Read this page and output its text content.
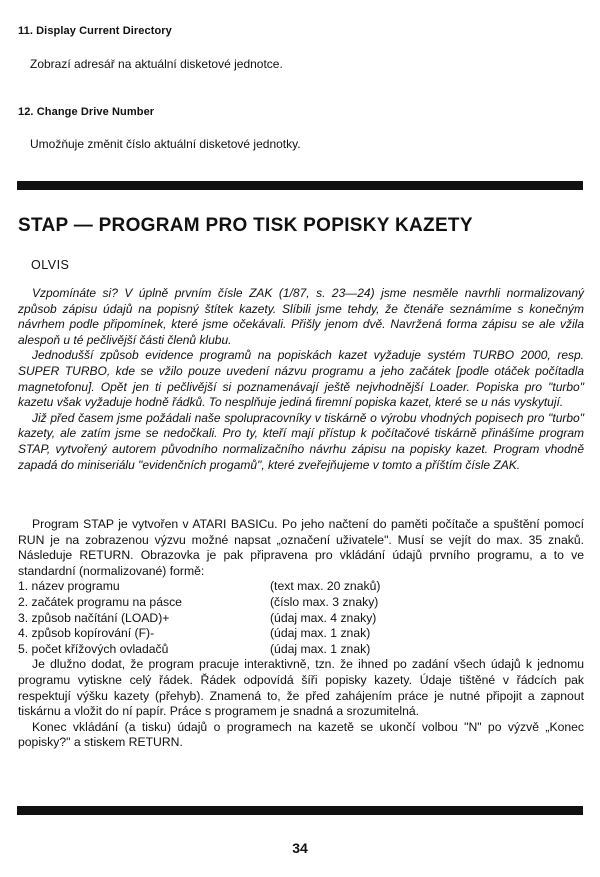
11. Display Current Directory
Zobrazí adresář na aktuální disketové jednotce.
12. Change Drive Number
Umožňuje změnit číslo aktuální disketové jednotky.
STAP — PROGRAM PRO TISK POPISKY KAZETY
OLVIS

Vzpomínáte si? V úplně prvním čísle ZAK (1/87, s. 23—24) jsme nesměle navrhli normalizovaný způsob zápisu údajů na popisný štítek kazety. Slíbili jsme tehdy, že čtenáře seznámíme s konečným návrhem podle připomínek, které jsme očekávali. Přišly jenom dvě. Navržená forma zápisu se ale vžila alespoň u té pečlivější části členů klubu.

Jednodušší způsob evidence programů na popiskách kazet vyžaduje systém TURBO 2000, resp. SUPER TURBO, kde se vžilo pouze uvedení názvu programu a jeho začátek [podle otáček počítadla magnetofonu]. Opět jen ti pečlivější si poznamenávají ještě nejvhodnější Loader. Popiska pro "turbo" kazetu však vyžaduje hodně řádků. To nesplňuje jediná firemní popiska kazet, které se u nás vyskytují.

Již před časem jsme požádali naše spolupracovníky v tiskárně o výrobu vhodných popisech pro "turbo" kazety, ale zatím jsme se nedočkali. Pro ty, kteří mají přístup k počítačové tiskárně přinášíme program STAP, vytvořený autorem původního normalizačního návrhu zápisu na popisky kazet. Program vhodně zapadá do miniseriálu "evidenčních progamů", které zveřejňujeme v tomto a příštím čísle ZAK.

Program STAP je vytvořen v ATARI BASICu. Po jeho načtení do paměti počítače a spuštění pomocí RUN je na zobrazenou výzvu možné napsat „označení uživatele". Musí se vejít do max. 35 znaků. Následuje RETURN. Obrazovka je pak připravena pro vkládání údajů prvního programu, a to ve standardní (normalizované) formě:

1. název programu	(text max. 20 znaků)
2. začátek programu na pásce	(číslo max. 3 znaky)
3. způsob načítání (LOAD)+	(údaj max. 4 znaky)
4. způsob kopírování (F)-	(údaj max. 1 znak)
5. počet křížových ovladačů	(údaj max. 1 znak)

Je dlužno dodat, že program pracuje interaktivně, tzn. že ihned po zadání všech údajů k jednomu programu vytiskne celý řádek. Řádek odpovídá šíři popisky kazety. Údaje tištěné v řádcích pak respektují výšku kazety (přehyb). Znamená to, že před zahájením práce je nutné připojit a zapnout tiskárnu a vložit do ní papír. Práce s programem je snadná a srozumitelná.

Konec vkládání (a tisku) údajů o programech na kazetě se ukončí volbou "N" po výzvě „Konec popisky?" a stiskem RETURN.

34
